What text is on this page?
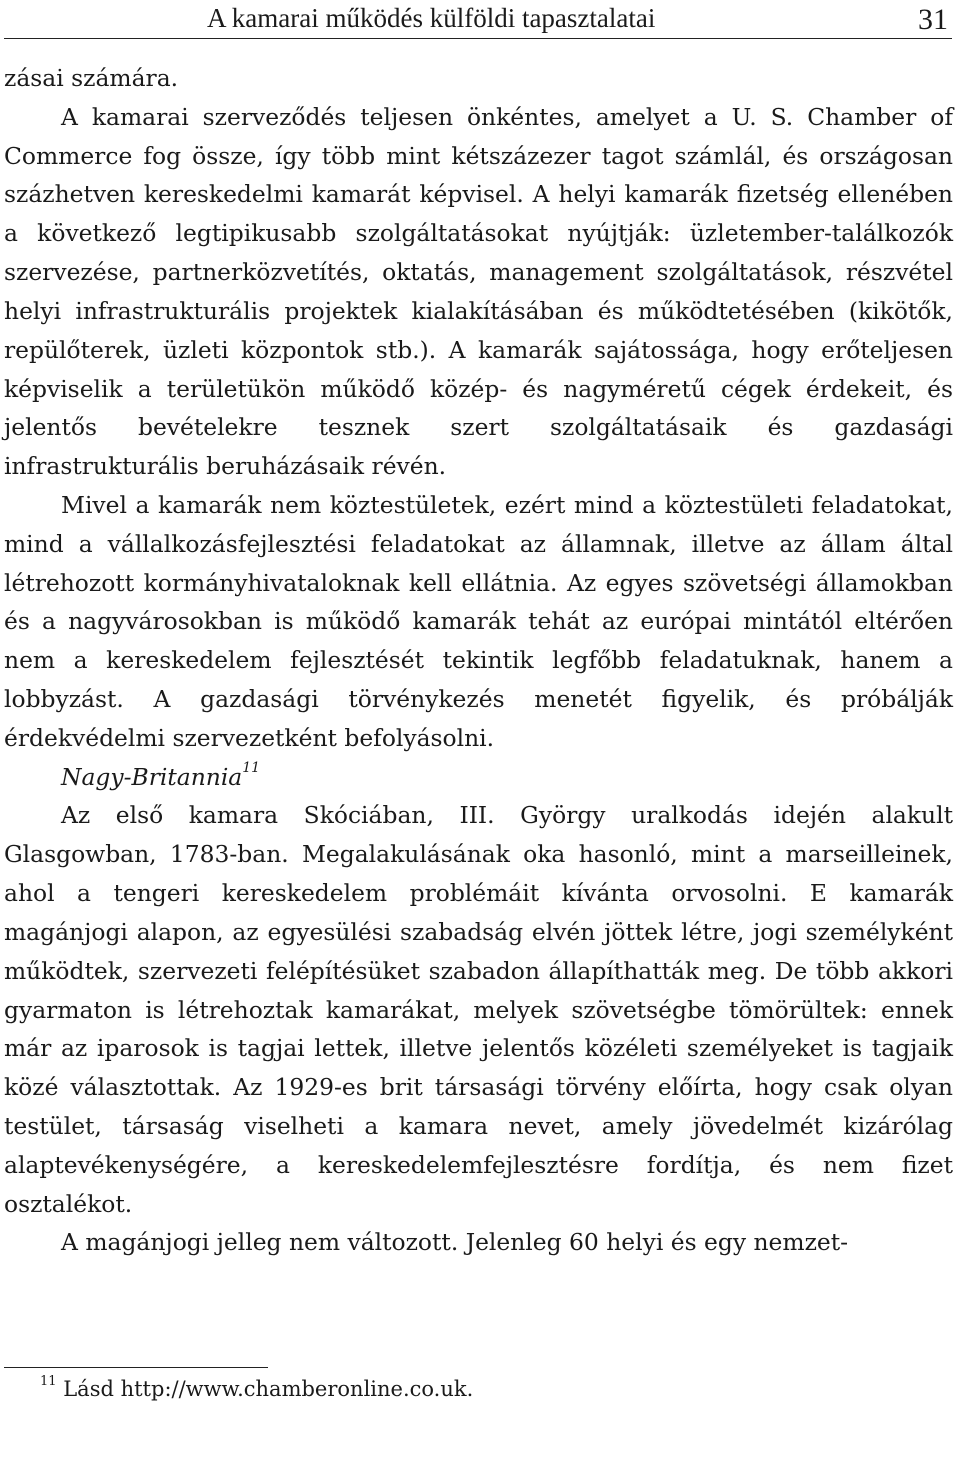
A kamarai működés külföldi tapasztalatai	31

zásai számára.

A kamarai szerveződés teljesen önkéntes, amelyet a U. S. Chamber of Commerce fog össze, így több mint kétszázezer tagot számlál, és országosan százhetven kereskedelmi kamarát képvisel. A helyi kamarák fizetség ellenében a következő legtipikusabb szolgáltatásokat nyújtják: üzletember-találkozók szervezése, partnerközvetítés, oktatás, management szolgáltatások, részvétel helyi infrastrukturális projektek kialakításában és működtetésében (kikötők, repülőterek, üzleti központok stb.). A kamarák sajátossága, hogy erőteljesen képviselik a területükön működő közép- és nagyméretű cégek érdekeit, és jelentős bevételekre tesznek szert szolgáltatásaik és gazdasági infrastrukturális beruházásaik révén.

Mivel a kamarák nem köztestületek, ezért mind a köztestületi feladatokat, mind a vállalkozásfejlesztési feladatokat az államnak, illetve az állam által létrehozott kormányhivataloknak kell ellátnia. Az egyes szövetségi államokban és a nagyvárosokban is működő kamarák tehát az európai mintától eltérően nem a kereskedelem fejlesztését tekintik legfőbb feladatuknak, hanem a lobbyzást. A gazdasági törvénykezés menetét figyelik, és próbálják érdekvédelmi szervezetként befolyásolni.

Nagy-Britannia$^{11}$

Az első kamara Skóciában, III. György uralkodás idején alakult Glasgowban, 1783-ban. Megalakulásának oka hasonló, mint a marseilleinek, ahol a tengeri kereskedelem problémáit kívánta orvosolni. E kamarák magánjogi alapon, az egyesülési szabadság elvén jöttek létre, jogi személyként működtek, szervezeti felépítésüket szabadon állapíthatták meg. De több akkori gyarmaton is létrehoztak kamarákat, melyek szövetségbe tömörültek: ennek már az iparosok is tagjai lettek, illetve jelentős közéleti személyeket is tagjaik közé választottak. Az 1929-es brit társasági törvény előírta, hogy csak olyan testület, társaság viselheti a kamara nevet, amely jövedelmét kizárólag alaptevékenységére, a kereskedelemfejlesztésre fordítja, és nem fizet osztalékot.

A magánjogi jelleg nem változott. Jelenleg 60 helyi és egy nemzet-

$^{11}$ Lásd http://www.chamberonline.co.uk.
